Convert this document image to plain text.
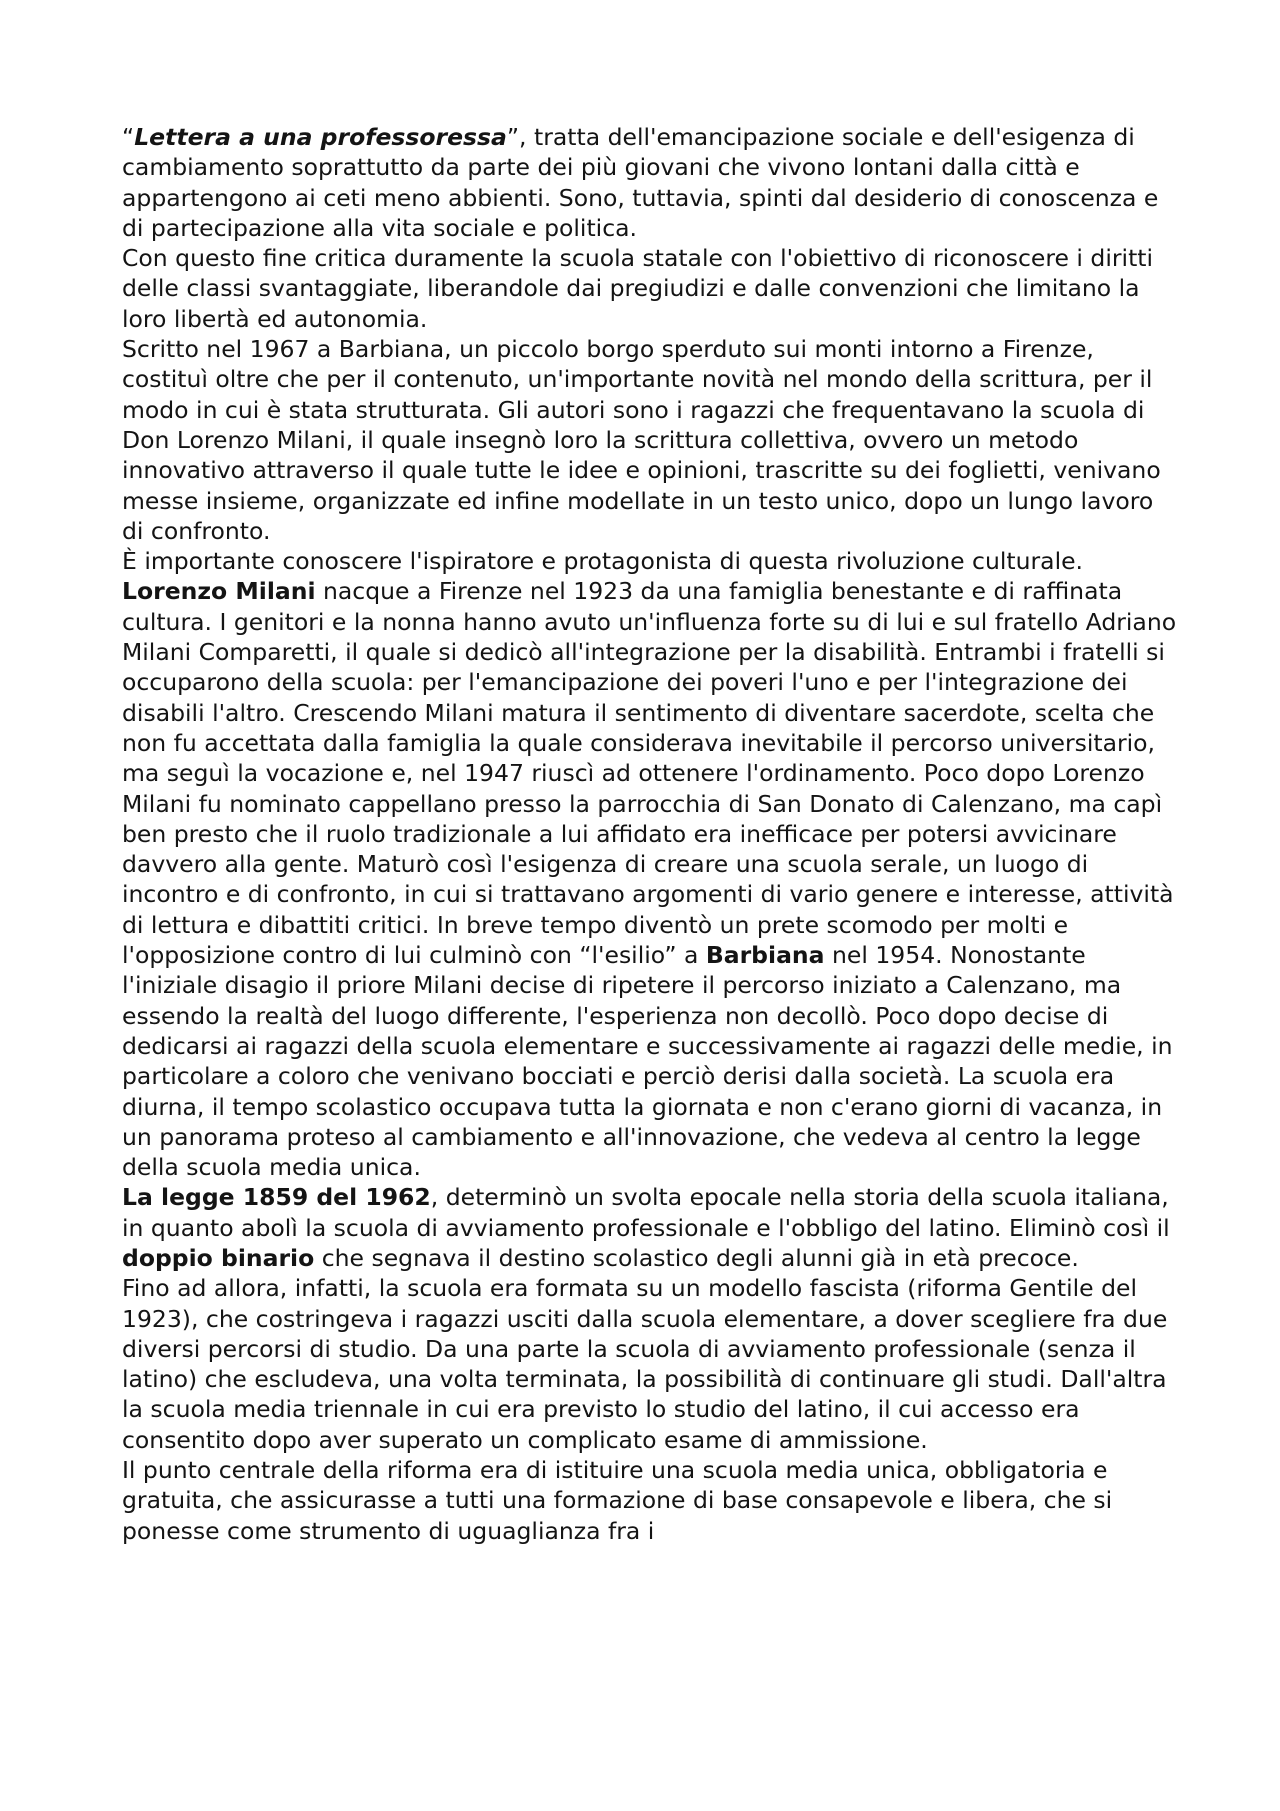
“Lettera a una professoressa”, tratta dell'emancipazione sociale e dell'esigenza di cambiamento soprattutto da parte dei più giovani che vivono lontani dalla città e appartengono ai ceti meno abbienti. Sono, tuttavia, spinti dal desiderio di conoscenza e di partecipazione alla vita sociale e politica.

Con questo fine critica duramente la scuola statale con l'obiettivo di riconoscere i diritti delle classi svantaggiate, liberandole dai pregiudizi e dalle convenzioni che limitano la loro libertà ed autonomia.

Scritto nel 1967 a Barbiana, un piccolo borgo sperduto sui monti intorno a Firenze, costituì oltre che per il contenuto, un'importante novità nel mondo della scrittura, per il modo in cui è stata strutturata. Gli autori sono i ragazzi che frequentavano la scuola di Don Lorenzo Milani, il quale insegnò loro la scrittura collettiva, ovvero un metodo innovativo attraverso il quale tutte le idee e opinioni, trascritte su dei foglietti, venivano messe insieme, organizzate ed infine modellate in un testo unico, dopo un lungo lavoro di confronto.

È importante conoscere l'ispiratore e protagonista di questa rivoluzione culturale. Lorenzo Milani nacque a Firenze nel 1923 da una famiglia benestante e di raffinata cultura. I genitori e la nonna hanno avuto un'influenza forte su di lui e sul fratello Adriano Milani Comparetti, il quale si dedicò all'integrazione per la disabilità. Entrambi i fratelli si occuparono della scuola: per l'emancipazione dei poveri l'uno e per l'integrazione dei disabili l'altro. Crescendo Milani matura il sentimento di diventare sacerdote, scelta che non fu accettata dalla famiglia la quale considerava inevitabile il percorso universitario, ma seguì la vocazione e, nel 1947 riuscì ad ottenere l'ordinamento. Poco dopo Lorenzo Milani fu nominato cappellano presso la parrocchia di San Donato di Calenzano, ma capì ben presto che il ruolo tradizionale a lui affidato era inefficace per potersi avvicinare davvero alla gente. Maturò così l'esigenza di creare una scuola serale, un luogo di incontro e di confronto, in cui si trattavano argomenti di vario genere e interesse, attività di lettura e dibattiti critici. In breve tempo diventò un prete scomodo per molti e l'opposizione contro di lui culminò con “l'esilio” a Barbiana nel 1954. Nonostante l'iniziale disagio il priore Milani decise di ripetere il percorso iniziato a Calenzano, ma essendo la realtà del luogo differente, l'esperienza non decollò. Poco dopo decise di dedicarsi ai ragazzi della scuola elementare e successivamente ai ragazzi delle medie, in particolare a coloro che venivano bocciati e perciò derisi dalla società. La scuola era diurna, il tempo scolastico occupava tutta la giornata e non c'erano giorni di vacanza, in un panorama proteso al cambiamento e all'innovazione, che vedeva al centro la legge della scuola media unica.

La legge 1859 del 1962, determinò un svolta epocale nella storia della scuola italiana, in quanto abolì la scuola di avviamento professionale e l'obbligo del latino. Eliminò così il doppio binario che segnava il destino scolastico degli alunni già in età precoce.

Fino ad allora, infatti, la scuola era formata su un modello fascista (riforma Gentile del 1923), che costringeva i ragazzi usciti dalla scuola elementare, a dover scegliere fra due diversi percorsi di studio. Da una parte la scuola di avviamento professionale (senza il latino) che escludeva, una volta terminata, la possibilità di continuare gli studi. Dall'altra la scuola media triennale in cui era previsto lo studio del latino, il cui accesso era consentito dopo aver superato un complicato esame di ammissione.

Il punto centrale della riforma era di istituire una scuola media unica, obbligatoria e gratuita, che assicurasse a tutti una formazione di base consapevole e libera, che si ponesse come strumento di uguaglianza fra i
